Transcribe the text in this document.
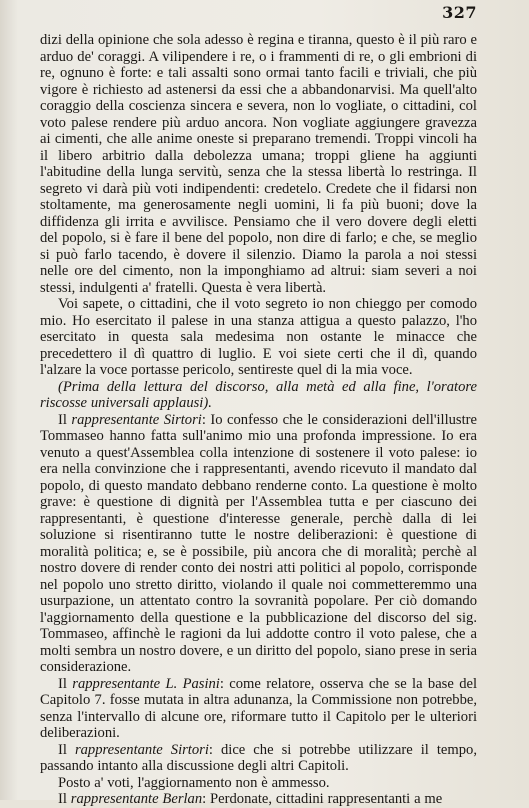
327

dizi della opinione che sola adesso è regina e tiranna, questo è il più raro e arduo de' coraggi. A vilipendere i re, o i frammenti di re, o gli embrioni di re, ognuno è forte: e tali assalti sono ormai tanto facili e triviali, che più vigore è richiesto ad astenersi da essi che a abbandonarvisi. Ma quell'alto coraggio della coscienza sincera e severa, non lo vogliate, o cittadini, col voto palese rendere più arduo ancora. Non vogliate aggiungere gravezza ai cimenti, che alle anime oneste si preparano tremendi. Troppi vincoli ha il libero arbitrio dalla debolezza umana; troppi gliene ha aggiunti l'abitudine della lunga servitù, senza che la stessa libertà lo restringa. Il segreto vi darà più voti indipendenti: credetelo. Credete che il fidarsi non stoltamente, ma generosamente negli uomini, li fa più buoni; dove la diffidenza gli irrita e avvilisce. Pensiamo che il vero dovere degli eletti del popolo, si è fare il bene del popolo, non dire di farlo; e che, se meglio si può farlo tacendo, è dovere il silenzio. Diamo la parola a noi stessi nelle ore del cimento, non la imponghiamo ad altrui: siam severi a noi stessi, indulgenti a' fratelli. Questa è vera libertà.

Voi sapete, o cittadini, che il voto segreto io non chieggo per comodo mio. Ho esercitato il palese in una stanza attigua a questo palazzo, l'ho esercitato in questa sala medesima non ostante le minacce che precedettero il dì quattro di luglio. E voi siete certi che il dì, quando l'alzare la voce portasse pericolo, sentireste quel di la mia voce.

(Prima della lettura del discorso, alla metà ed alla fine, l'oratore riscosse universali applausi).

Il rappresentante Sirtori: Io confesso che le considerazioni dell'illustre Tommaseo hanno fatta sull'animo mio una profonda impressione. Io era venuto a quest'Assemblea colla intenzione di sostenere il voto palese: io era nella convinzione che i rappresentanti, avendo ricevuto il mandato dal popolo, di questo mandato debbano renderne conto. La questione è molto grave: è questione di dignità per l'Assemblea tutta e per ciascuno dei rappresentanti, è questione d'interesse generale, perchè dalla di lei soluzione si risentiranno tutte le nostre deliberazioni: è questione di moralità politica; e, se è possibile, più ancora che di moralità; perchè al nostro dovere di render conto dei nostri atti politici al popolo, corrisponde nel popolo uno stretto diritto, violando il quale noi commetteremmo una usurpazione, un attentato contro la sovranità popolare. Per ciò domando l'aggiornamento della questione e la pubblicazione del discorso del sig. Tommaseo, affinchè le ragioni da lui addotte contro il voto palese, che a molti sembra un nostro dovere, e un diritto del popolo, siano prese in seria considerazione.

Il rappresentante L. Pasini: come relatore, osserva che se la base del Capitolo 7. fosse mutata in altra adunanza, la Commissione non potrebbe, senza l'intervallo di alcune ore, riformare tutto il Capitolo per le ulteriori deliberazioni.

Il rappresentante Sirtori: dice che si potrebbe utilizzare il tempo, passando intanto alla discussione degli altri Capitoli.

Posto a' voti, l'aggiornamento non è ammesso.

Il rappresentante Berlan: Perdonate, cittadini rappresentanti a me
